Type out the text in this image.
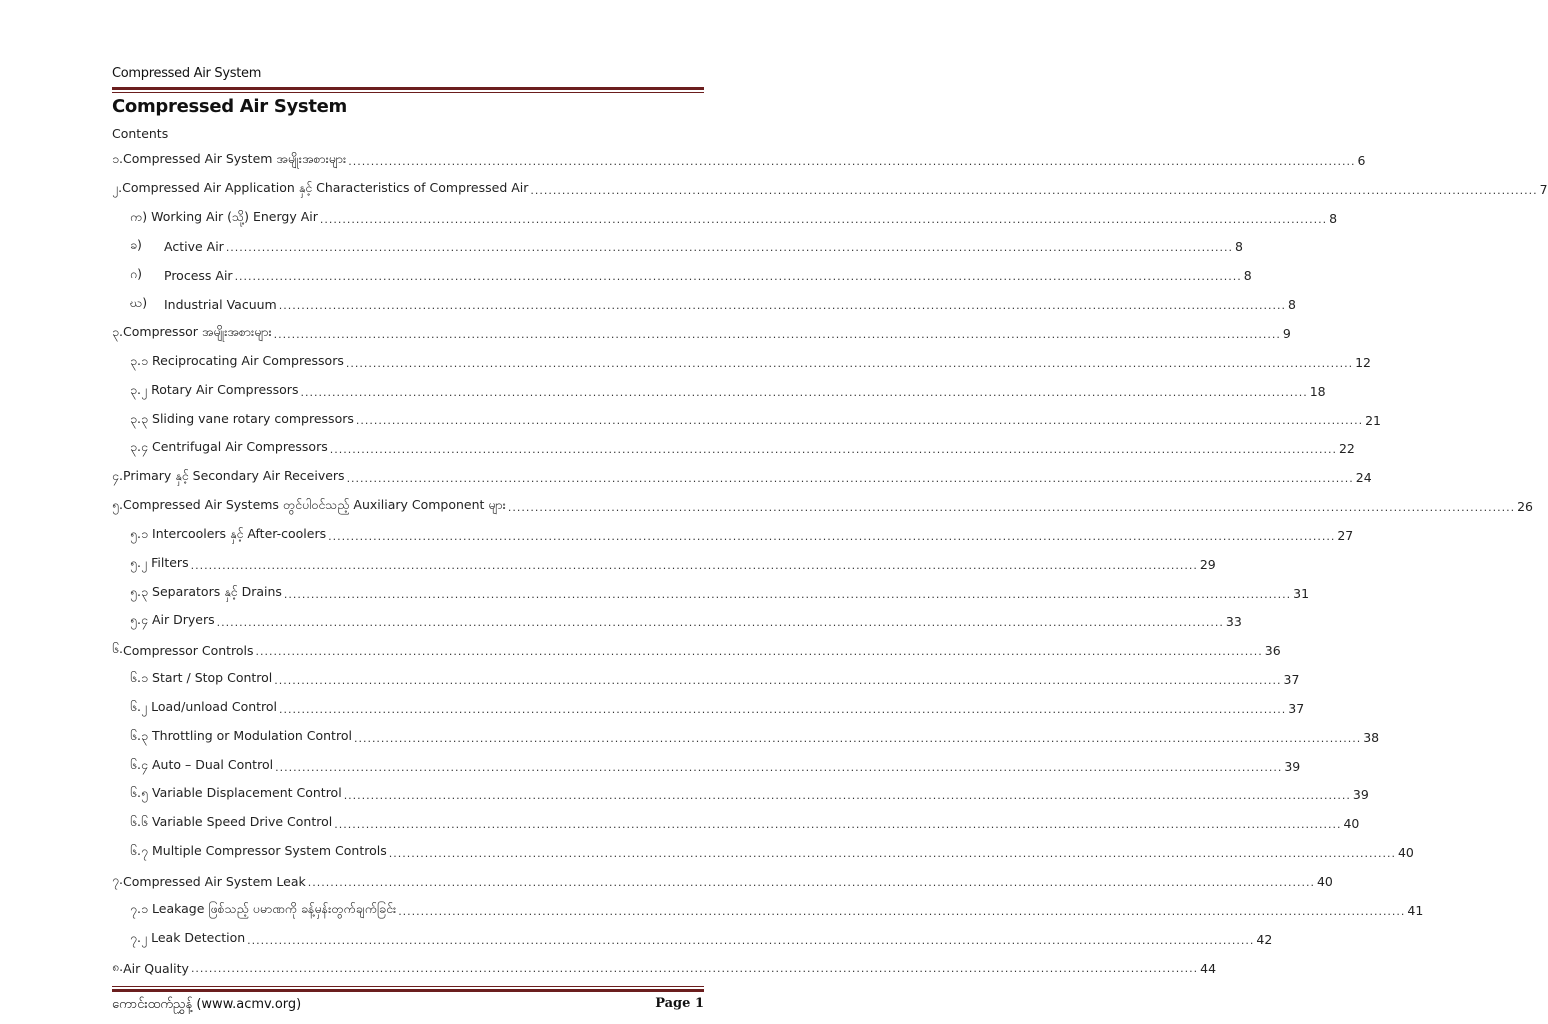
Compressed Air System
Compressed Air System
Contents
၁. Compressed Air System အမျိုးအစားများ .....	6
၂. Compressed Air Application နှင့် Characteristics of Compressed Air .....	7
က) Working Air (သို့) Energy Air .....	8
ခ)	Active Air .....	8
ဂ)	Process Air .....	8
ဃ)	Industrial Vacuum .....	8
၃. Compressor အမျိုးအစားများ .....	9
၃.၁ Reciprocating Air Compressors .....	12
၃.၂ Rotary Air Compressors .....	18
၃.၃ Sliding vane rotary compressors .....	21
၃.၄ Centrifugal Air Compressors .....	22
၄. Primary နှင့် Secondary Air Receivers .....	24
၅. Compressed Air Systems တွင်ပါဝင်သည့် Auxiliary Component များ .....	26
၅.၁ Intercoolers နှင့် After-coolers .....	27
၅.၂ Filters .....	29
၅.၃ Separators နှင့် Drains .....	31
၅.၄ Air Dryers .....	33
၆. Compressor Controls .....	36
၆.၁ Start / Stop Control .....	37
၆.၂ Load/unload Control .....	37
၆.၃ Throttling or Modulation Control .....	38
၆.၄ Auto – Dual Control .....	39
၆.၅ Variable Displacement Control .....	39
၆.၆ Variable Speed Drive Control .....	40
၆.၇ Multiple Compressor System Controls .....	40
၇. Compressed Air System Leak .....	40
၇.၁ Leakage ဖြစ်သည့် ပမာဏကို ခန့်မှန်းတွက်ချက်ခြင်း .....	41
၇.၂ Leak Detection .....	42
၈. Air Quality .....	44
ကောင်းထက်ညွှန့် (www.acmv.org)	Page 1
